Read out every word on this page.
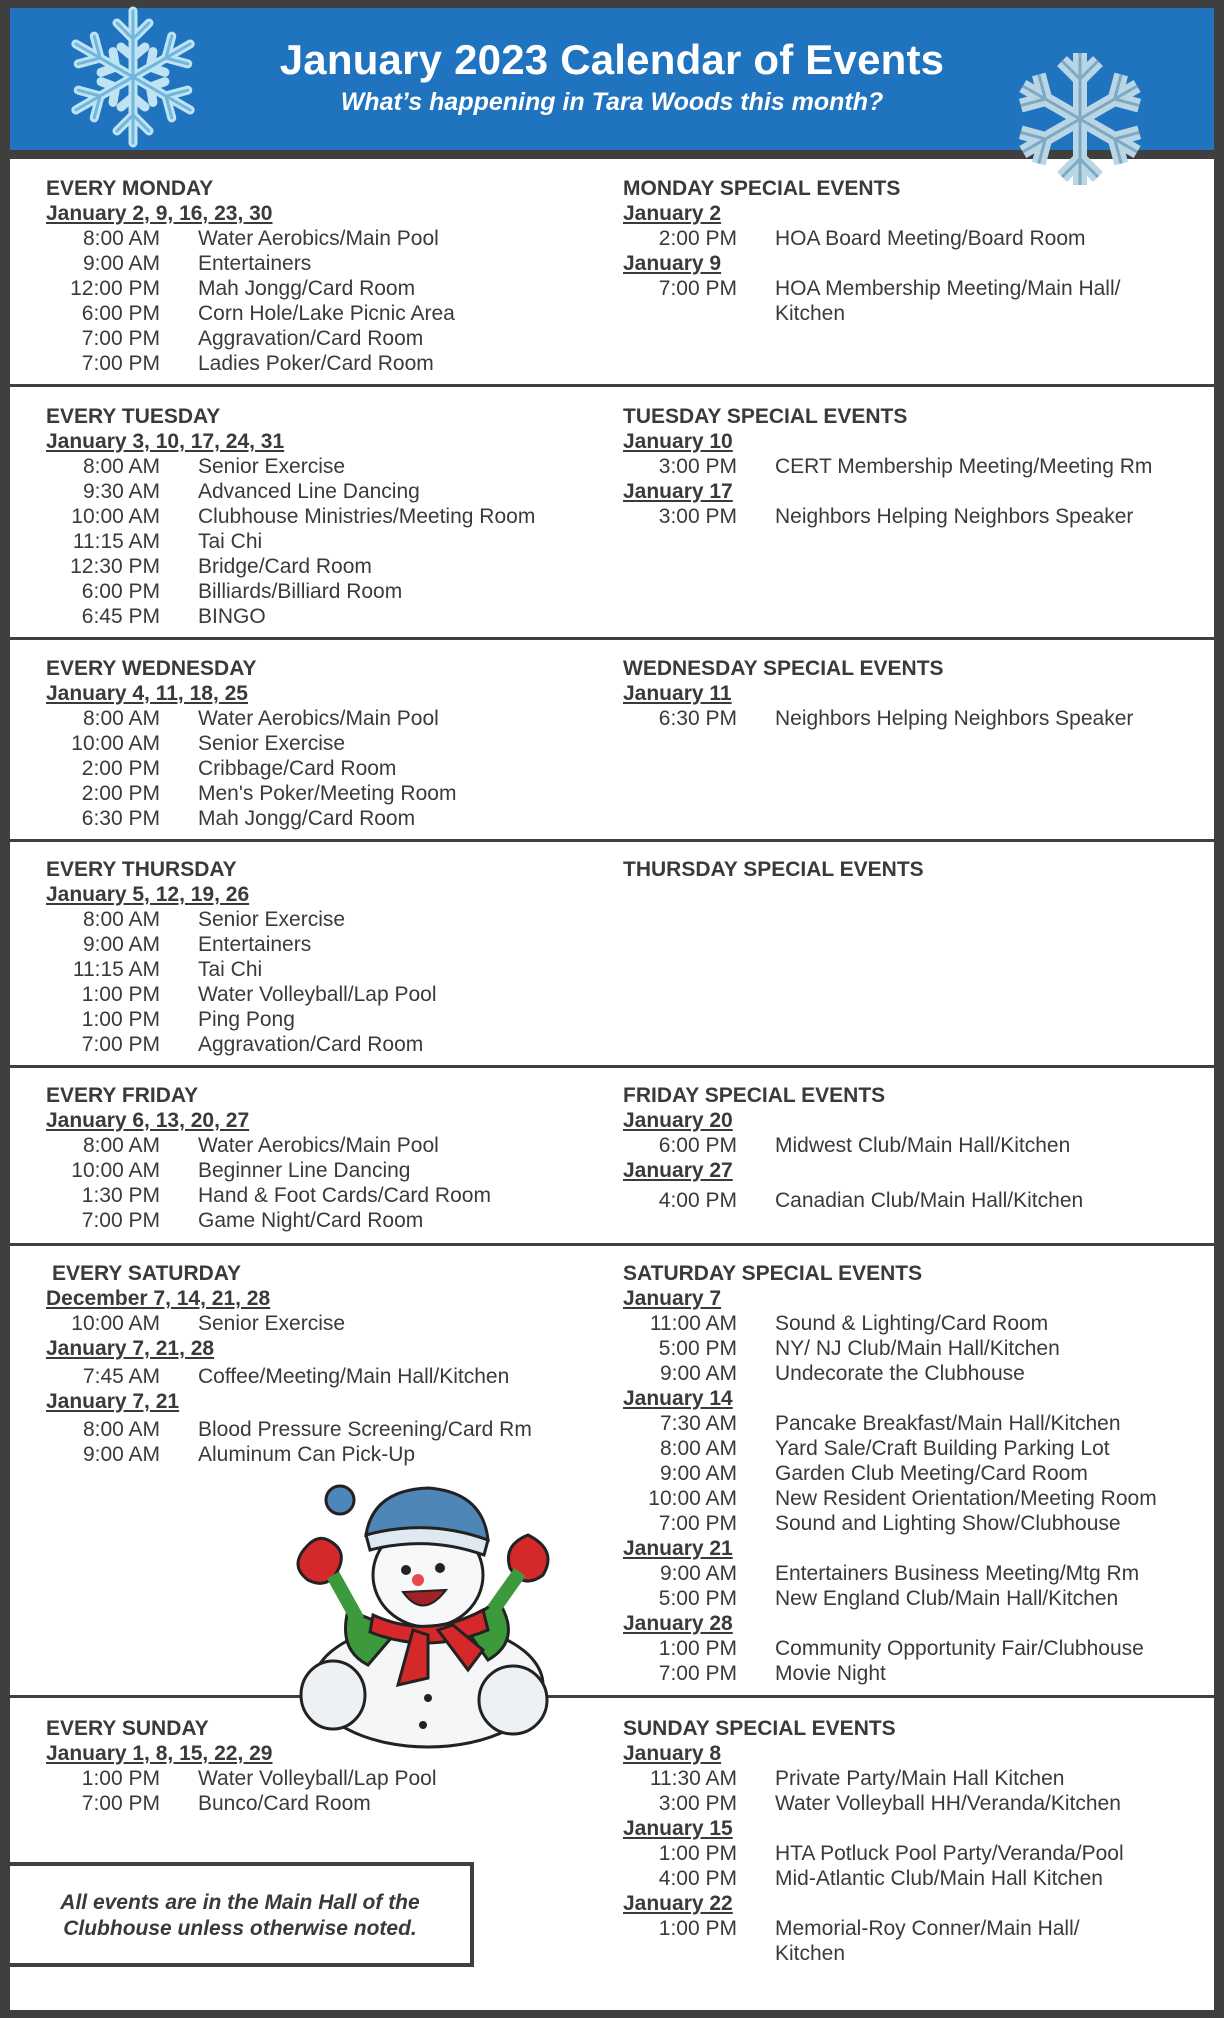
January 2023 Calendar of Events
What’s happening in Tara Woods this month?
EVERY MONDAY
January 2, 9, 16, 23, 30
8:00 AM	Water Aerobics/Main Pool
9:00 AM	Entertainers
12:00 PM	Mah Jongg/Card Room
6:00 PM	Corn Hole/Lake Picnic Area
7:00 PM	Aggravation/Card Room
7:00 PM	Ladies Poker/Card Room
MONDAY SPECIAL EVENTS
January 2
2:00 PM	HOA Board Meeting/Board Room
January 9
7:00 PM	HOA Membership Meeting/Main Hall/ Kitchen
EVERY TUESDAY
January 3, 10, 17, 24, 31
8:00 AM	Senior Exercise
9:30 AM	Advanced Line Dancing
10:00 AM	Clubhouse Ministries/Meeting Room
11:15 AM	Tai Chi
12:30 PM	Bridge/Card Room
6:00 PM	Billiards/Billiard Room
6:45 PM	BINGO
TUESDAY SPECIAL EVENTS
January 10
3:00 PM	CERT Membership Meeting/Meeting Rm
January 17
3:00 PM	Neighbors Helping Neighbors Speaker
EVERY WEDNESDAY
January 4, 11, 18, 25
8:00 AM	Water Aerobics/Main Pool
10:00 AM	Senior Exercise
2:00 PM	Cribbage/Card Room
2:00 PM	Men's Poker/Meeting Room
6:30 PM	Mah Jongg/Card Room
WEDNESDAY SPECIAL EVENTS
January 11
6:30 PM	Neighbors Helping Neighbors Speaker
EVERY THURSDAY
January 5, 12, 19, 26
8:00 AM	Senior Exercise
9:00 AM	Entertainers
11:15 AM	Tai Chi
1:00 PM	Water Volleyball/Lap Pool
1:00 PM	Ping Pong
7:00 PM	Aggravation/Card Room
THURSDAY SPECIAL EVENTS
EVERY FRIDAY
January 6, 13, 20, 27
8:00 AM	Water Aerobics/Main Pool
10:00 AM	Beginner Line Dancing
1:30 PM	Hand & Foot Cards/Card Room
7:00 PM	Game Night/Card Room
FRIDAY SPECIAL EVENTS
January 20
6:00 PM	Midwest Club/Main Hall/Kitchen
January 27
4:00 PM	Canadian Club/Main Hall/Kitchen
EVERY SATURDAY
December 7, 14, 21, 28
10:00 AM	Senior Exercise
January 7, 21, 28
7:45 AM	Coffee/Meeting/Main Hall/Kitchen
January 7, 21
8:00 AM	Blood Pressure Screening/Card Rm
9:00 AM	Aluminum Can Pick-Up
SATURDAY SPECIAL EVENTS
January 7
11:00 AM	Sound & Lighting/Card Room
5:00 PM	NY/ NJ Club/Main Hall/Kitchen
9:00 AM	Undecorate the Clubhouse
January 14
7:30 AM	Pancake Breakfast/Main Hall/Kitchen
8:00 AM	Yard Sale/Craft Building Parking Lot
9:00 AM	Garden Club Meeting/Card Room
10:00 AM	New Resident Orientation/Meeting Room
7:00 PM	Sound and Lighting Show/Clubhouse
January 21
9:00 AM	Entertainers Business Meeting/Mtg Rm
5:00 PM	New England Club/Main Hall/Kitchen
January 28
1:00 PM	Community Opportunity Fair/Clubhouse
7:00 PM	Movie Night
EVERY SUNDAY
January 1, 8, 15, 22, 29
1:00 PM	Water Volleyball/Lap Pool
7:00 PM	Bunco/Card Room
SUNDAY SPECIAL EVENTS
January 8
11:30 AM	Private Party/Main Hall Kitchen
3:00 PM	Water Volleyball HH/Veranda/Kitchen
January 15
1:00 PM	HTA Potluck Pool Party/Veranda/Pool
4:00 PM	Mid-Atlantic Club/Main Hall Kitchen
January 22
1:00 PM	Memorial-Roy Conner/Main Hall/ Kitchen
All events are in the Main Hall of the
Clubhouse unless otherwise noted.
